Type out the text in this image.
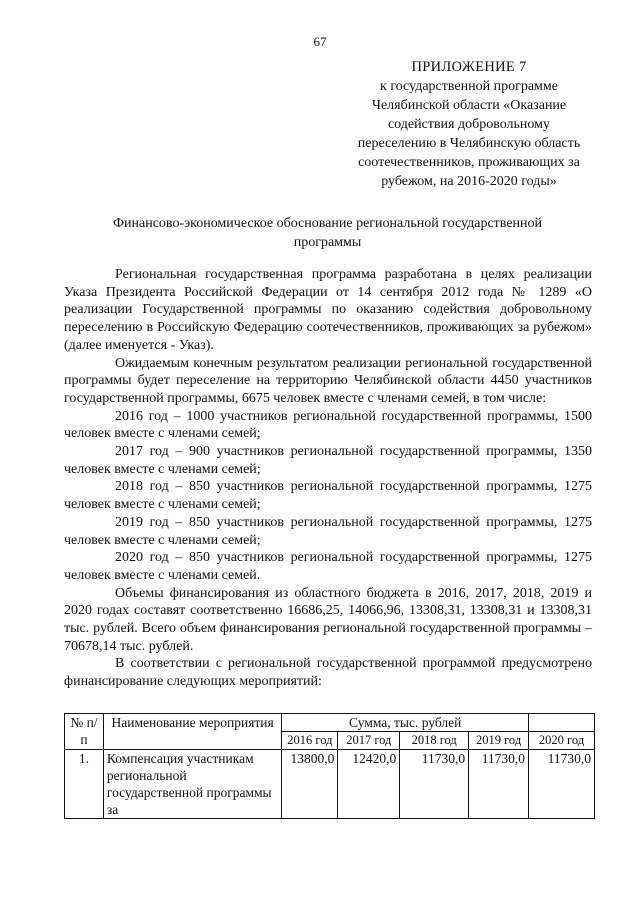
67
ПРИЛОЖЕНИЕ 7
к государственной программе
Челябинской области «Оказание
содействия добровольному
переселению в Челябинскую область
соотечественников, проживающих за
рубежом, на 2016-2020 годы»
Финансово-экономическое обоснование региональной государственной
программы

Региональная государственная программа разработана в целях реализации Указа Президента Российской Федерации от 14 сентября 2012 года № 1289 «О реализации Государственной программы по оказанию содействия добровольному переселению в Российскую Федерацию соотечественников, проживающих за рубежом» (далее именуется - Указ).

Ожидаемым конечным результатом реализации региональной государственной программы будет переселение на территорию Челябинской области 4450 участников государственной программы, 6675 человек вместе с членами семей, в том числе:

2016 год – 1000 участников региональной государственной программы, 1500 человек вместе с членами семей;

2017 год – 900 участников региональной государственной программы, 1350 человек вместе с членами семей;

2018 год – 850 участников региональной государственной программы, 1275 человек вместе с членами семей;

2019 год – 850 участников региональной государственной программы, 1275 человек вместе с членами семей;

2020 год – 850 участников региональной государственной программы, 1275 человек вместе с членами семей.

Объемы финансирования из областного бюджета в 2016, 2017, 2018, 2019 и 2020 годах составят соответственно 16686,25, 14066,96, 13308,31, 13308,31 и 13308,31 тыс. рублей. Всего объем финансирования региональной государственной программы – 70678,14 тыс. рублей.

В соответствии с региональной государственной программой предусмотрено финансирование следующих мероприятий:

№ п/п	Наименование мероприятия	Сумма, тыс. рублей				
		2016 год	2017 год	2018 год	2019 год	2020 год
1.	Компенсация участникам региональной государственной программы за	13800,0	12420,0	11730,0	11730,0	11730,0
